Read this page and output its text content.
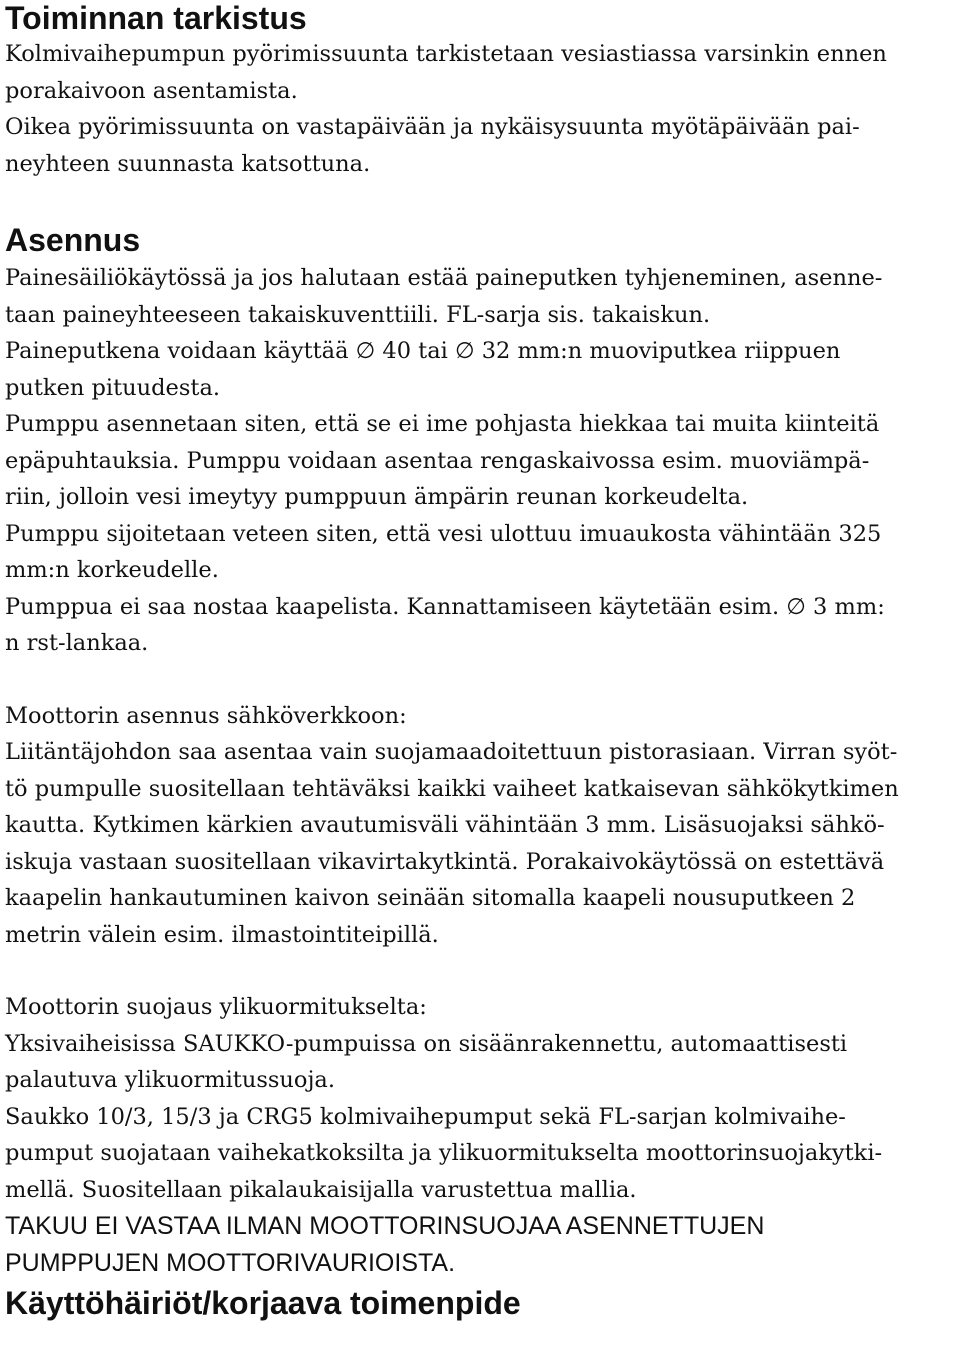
Toiminnan tarkistus

Kolmivaihepumpun pyörimissuunta tarkistetaan vesiastiassa varsinkin ennen

porakaivoon asentamista.

Oikea pyörimissuunta on vastapäivään ja nykäisysuunta myötäpäivään pai-

neyhteen suunnasta katsottuna.

Asennus

Painesäiliökäytössä ja jos halutaan estää paineputken tyhjeneminen, asenne-

taan paineyhteeseen takaiskuventtiili. FL-sarja sis. takaiskun.

Paineputkena voidaan käyttää ∅ 40 tai ∅ 32 mm:n muoviputkea riippuen

putken pituudesta.

Pumppu asennetaan siten, että se ei ime pohjasta hiekkaa tai muita kiinteitä

epäpuhtauksia. Pumppu voidaan asentaa rengaskaivossa esim. muoviämpä-

riin, jolloin vesi imeytyy pumppuun ämpärin reunan korkeudelta.

Pumppu sijoitetaan veteen siten, että vesi ulottuu imuaukosta vähintään 325

mm:n korkeudelle.

Pumppua ei saa nostaa kaapelista. Kannattamiseen käytetään esim. ∅ 3 mm:

n rst-lankaa.

Moottorin asennus sähköverkkoon:

Liitäntäjohdon saa asentaa vain suojamaadoitettuun pistorasiaan. Virran syöt-

tö pumpulle suositellaan tehtäväksi kaikki vaiheet katkaisevan sähkökytkimen

kautta. Kytkimen kärkien avautumisväli vähintään 3 mm. Lisäsuojaksi sähkö-

iskuja vastaan suositellaan vikavirtakytkintä. Porakaivokäytössä on estettävä

kaapelin hankautuminen kaivon seinään sitomalla kaapeli nousuputkeen 2

metrin välein esim. ilmastointiteipillä.

Moottorin suojaus ylikuormitukselta:

Yksivaiheisissa SAUKKO-pumpuissa on sisäänrakennettu, automaattisesti

palautuva ylikuormitussuoja.

Saukko 10/3, 15/3 ja CRG5 kolmivaihepumput sekä FL-sarjan kolmivaihe-

pumput suojataan vaihekatkoksilta ja ylikuormitukselta moottorinsuojakytki-

mellä. Suositellaan pikalaukaisijalla varustettua mallia.

TAKUU EI VASTAA ILMAN MOOTTORINSUOJAA ASENNETTUJEN

PUMPPUJEN MOOTTORIVAURIOISTA.

Käyttöhäiriöt/korjaava toimenpide
